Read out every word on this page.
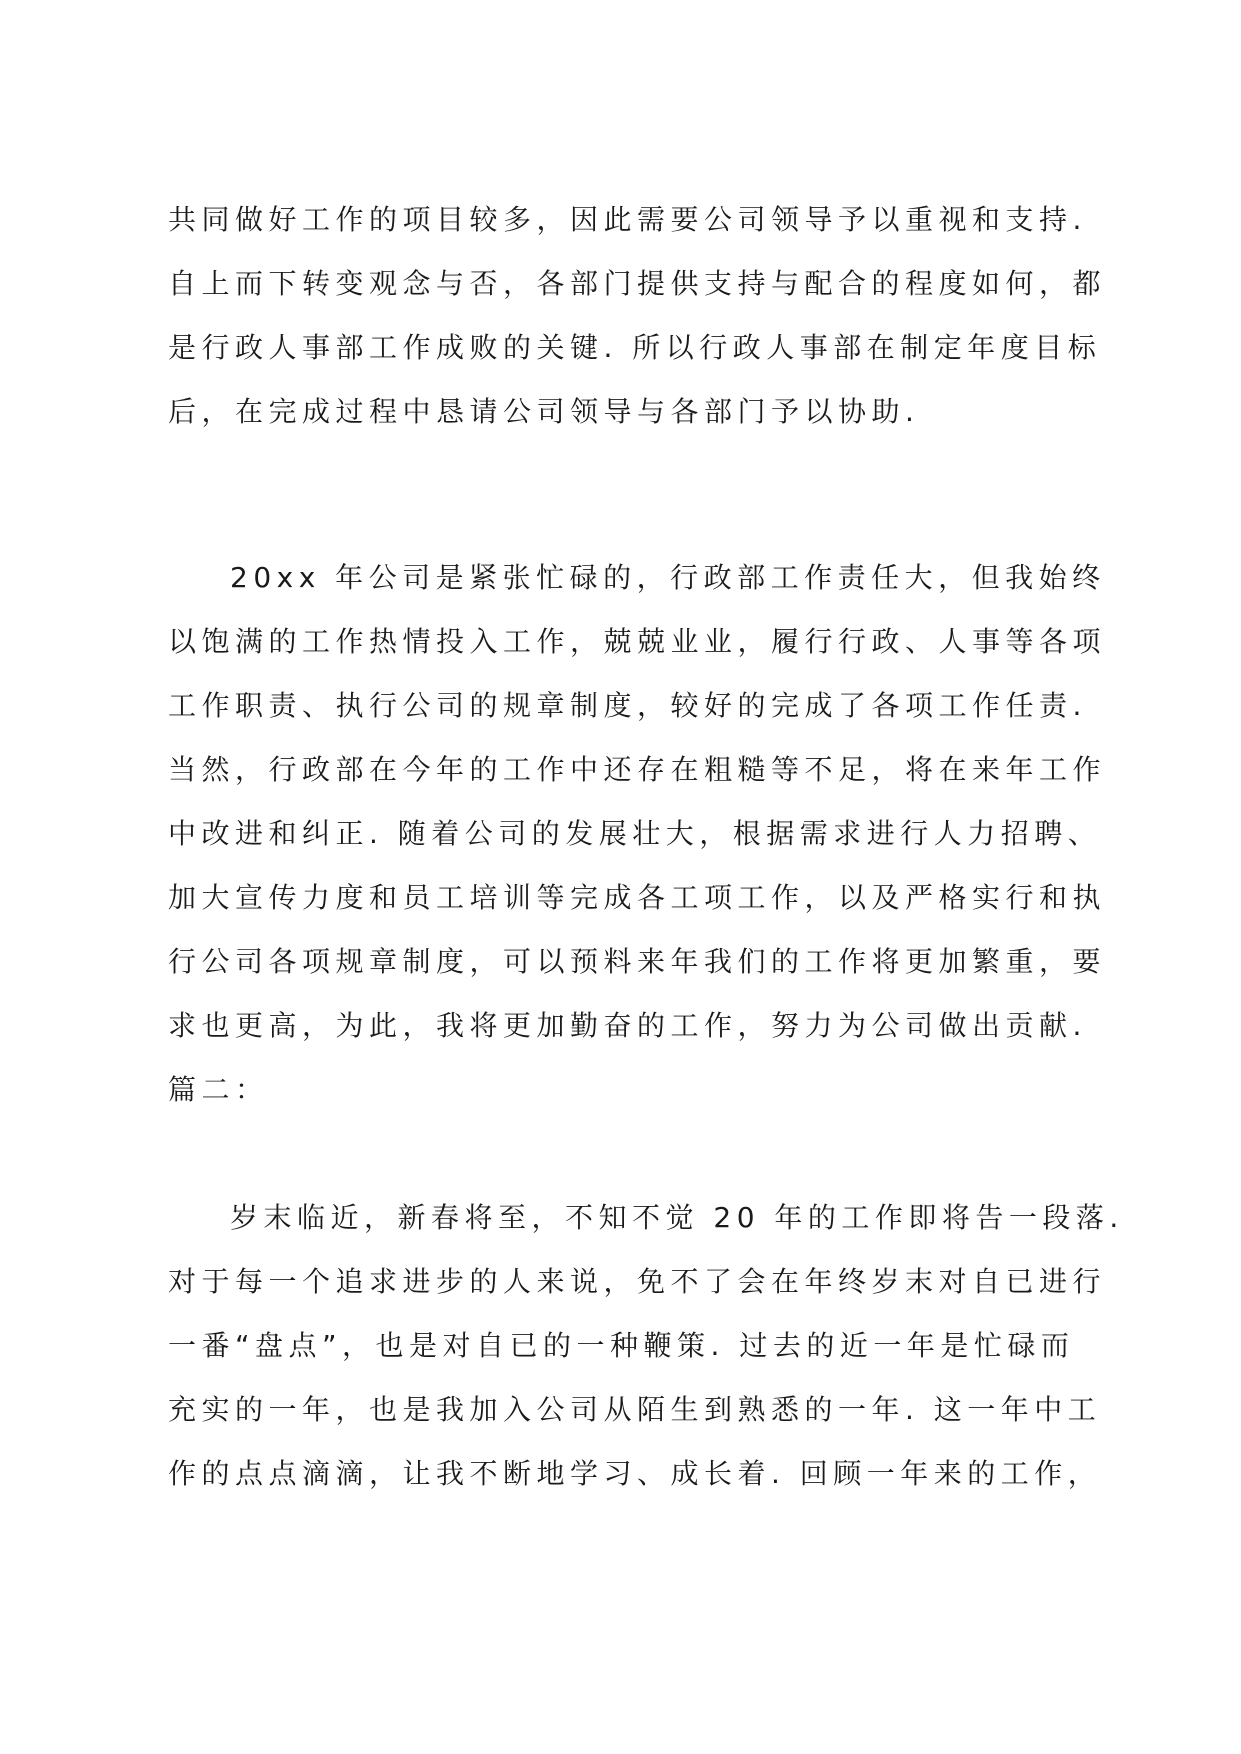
共同做好工作的项目较多，因此需要公司领导予以重视和支持.
自上而下转变观念与否，各部门提供支持与配合的程度如何，都
是行政人事部工作成败的关键. 所以行政人事部在制定年度目标
后，在完成过程中恳请公司领导与各部门予以协助.
20xx 年公司是紧张忙碌的，行政部工作责任大，但我始终
以饱满的工作热情投入工作，兢兢业业，履行行政、人事等各项
工作职责、执行公司的规章制度，较好的完成了各项工作任责.
当然，行政部在今年的工作中还存在粗糙等不足，将在来年工作
中改进和纠正. 随着公司的发展壮大，根据需求进行人力招聘、
加大宣传力度和员工培训等完成各工项工作，以及严格实行和执
行公司各项规章制度，可以预料来年我们的工作将更加繁重，要
求也更高，为此，我将更加勤奋的工作，努力为公司做出贡献.
篇二：
岁末临近，新春将至，不知不觉 20 年的工作即将告一段落.
对于每一个追求进步的人来说，免不了会在年终岁末对自已进行
一番“盘点”，也是对自已的一种鞭策. 过去的近一年是忙碌而
充实的一年，也是我加入公司从陌生到熟悉的一年. 这一年中工
作的点点滴滴，让我不断地学习、成长着. 回顾一年来的工作，
